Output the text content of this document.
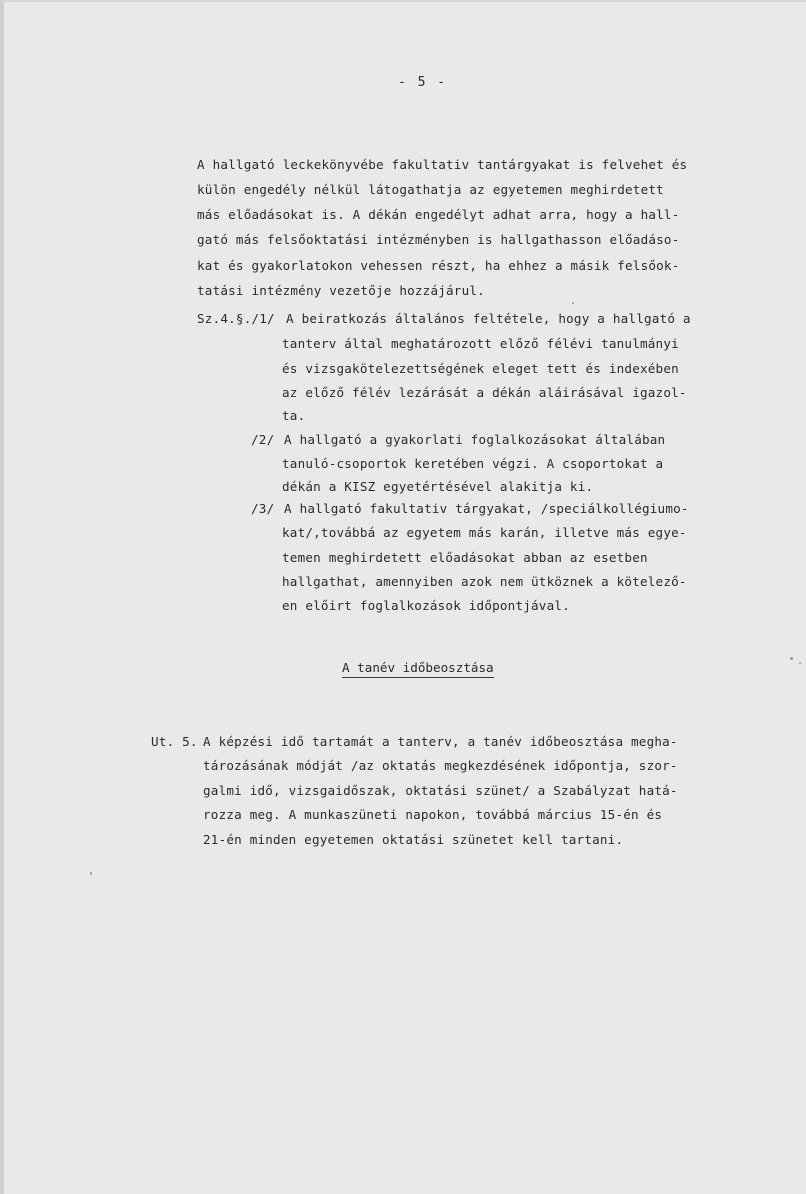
- 5 -
A hallgató leckekönyvébe fakultativ tantárgyakat is felvehet és
külön engedély nélkül látogathatja az egyetemen meghirdetett
más előadásokat is. A dékán engedélyt adhat arra, hogy a hall-
gató más felsőoktatási intézményben is hallgathasson előadáso-
kat és gyakorlatokon vehessen részt, ha ehhez a másik felsőok-
tatási intézmény vezetője hozzájárul.
Sz.4.§./1/ A beiratkozás általános feltétele, hogy a hallgató a
tanterv által meghatározott előző félévi tanulmányi
és vizsgakötelezettségének eleget tett és indexében
az előző félév lezárását a dékán aláirásával igazol-
ta.
/2/ A hallgató a gyakorlati foglalkozásokat általában
tanuló-csoportok keretében végzi. A csoportokat a
dékán a KISZ egyetértésével alakitja ki.
/3/ A hallgató fakultativ tárgyakat, /speciálkollégiumo-
kat/,továbbá az egyetem más karán, illetve más egye-
temen meghirdetett előadásokat abban az esetben
hallgathat, amennyiben azok nem ütköznek a kötelező-
en előirt foglalkozások időpontjával.
A tanév időbeosztása
Ut. 5. A képzési idő tartamát a tanterv, a tanév időbeosztása megha-
tározásának módját /az oktatás megkezdésének időpontja, szor-
galmi idő, vizsgaidőszak, oktatási szünet/ a Szabályzat hatá-
rozza meg. A munkaszüneti napokon, továbbá március 15-én és
21-én minden egyetemen oktatási szünetet kell tartani.
